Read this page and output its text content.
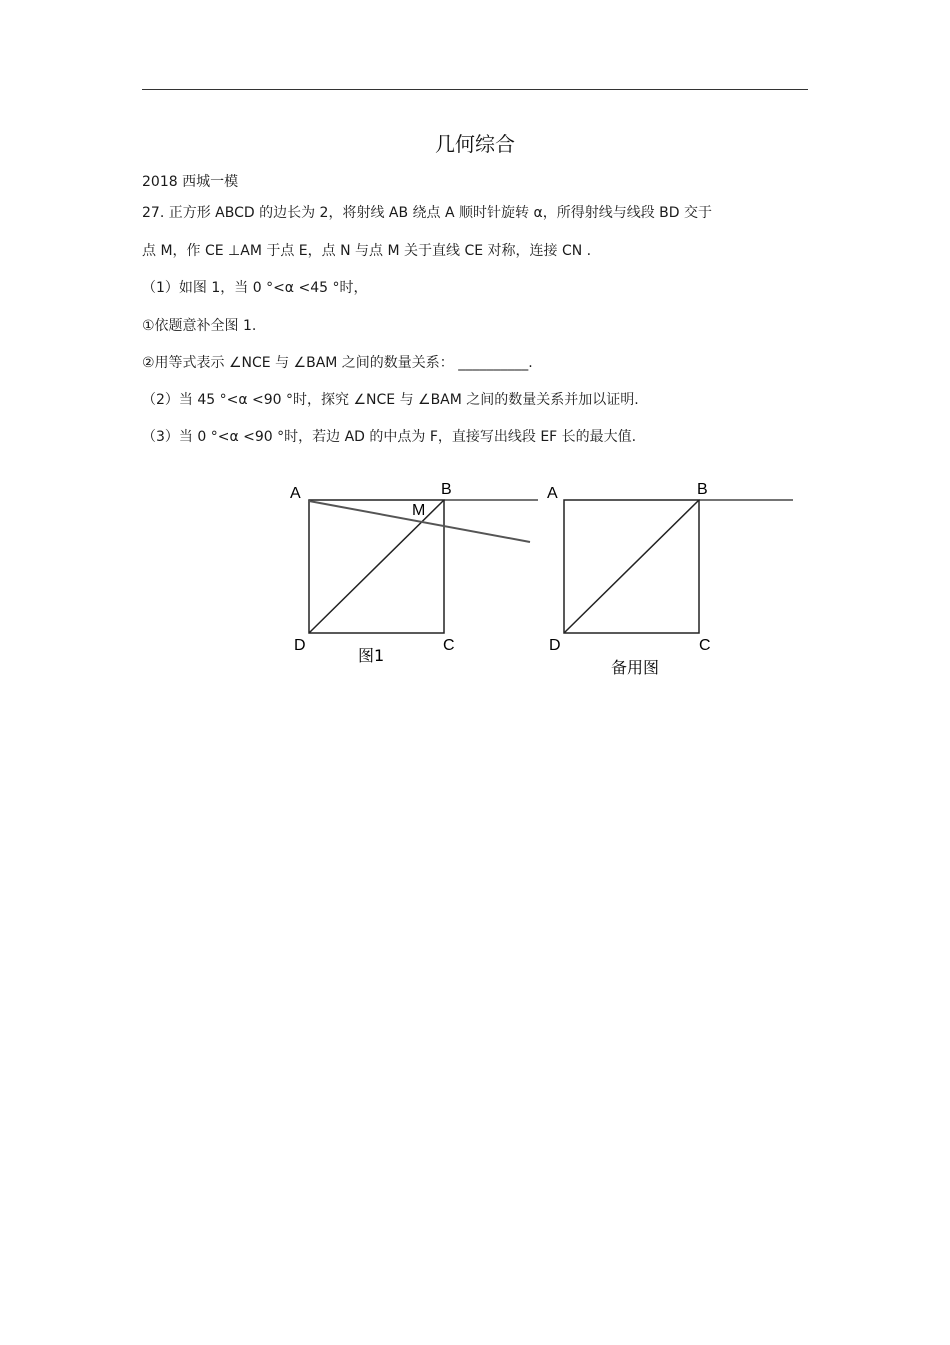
几何综合
2018 西城一模
27. 正方形 ABCD 的边长为 2，将射线 AB 绕点 A 顺时针旋转 α，所得射线与线段 BD 交于
点 M，作 CE ⊥AM 于点 E，点 N 与点 M 关于直线 CE 对称，连接 CN .
（1）如图 1，当 0 °<α <45 °时，
①依题意补全图 1.
②用等式表示 ∠NCE 与 ∠BAM 之间的数量关系： __________.
（2）当 45 °<α <90 °时，探究 ∠NCE 与 ∠BAM 之间的数量关系并加以证明.
（3）当 0 °<α <90 °时，若边 AD 的中点为 F，直接写出线段 EF 长的最大值.
A	B
M
D	C
图1
A	B
D	C
备用图
